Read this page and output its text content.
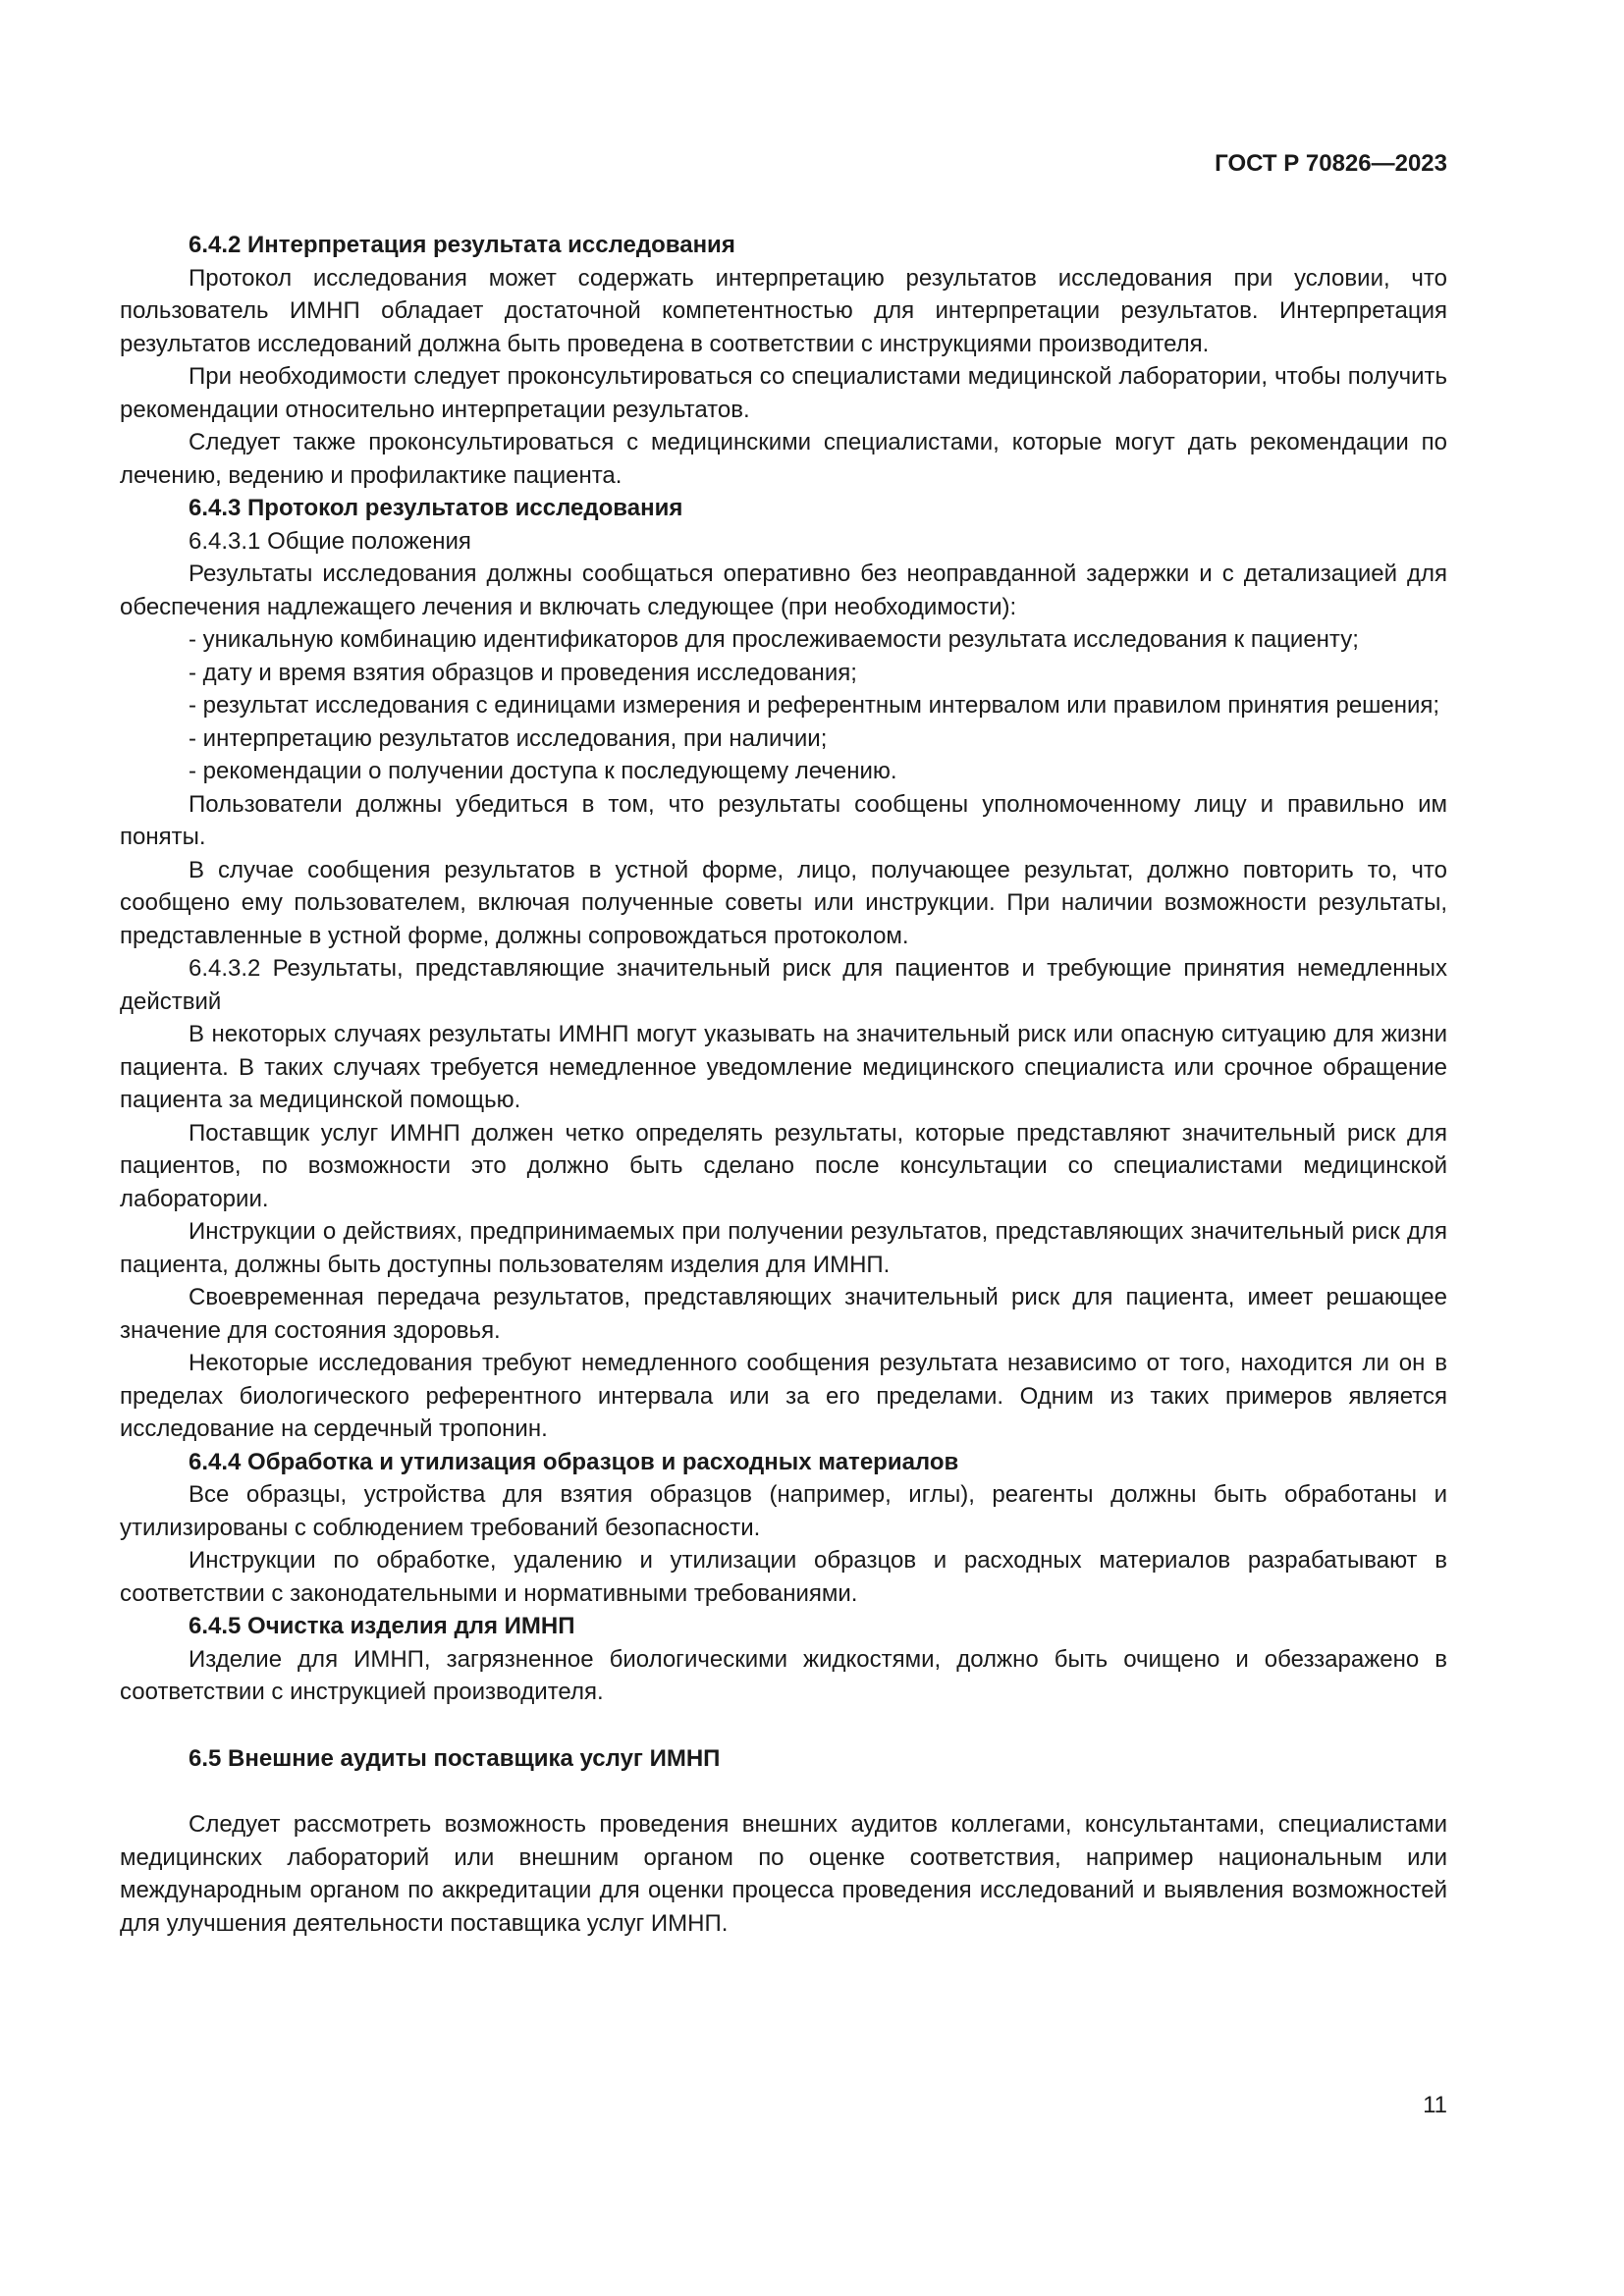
ГОСТ Р 70826—2023

6.4.2 Интерпретация результата исследования

Протокол исследования может содержать интерпретацию результатов исследования при условии, что пользователь ИМНП обладает достаточной компетентностью для интерпретации результатов. Интерпретация результатов исследований должна быть проведена в соответствии с инструкциями производителя.

При необходимости следует проконсультироваться со специалистами медицинской лаборатории, чтобы получить рекомендации относительно интерпретации результатов.

Следует также проконсультироваться с медицинскими специалистами, которые могут дать рекомендации по лечению, ведению и профилактике пациента.

6.4.3 Протокол результатов исследования

6.4.3.1 Общие положения

Результаты исследования должны сообщаться оперативно без неоправданной задержки и с детализацией для обеспечения надлежащего лечения и включать следующее (при необходимости):

- уникальную комбинацию идентификаторов для прослеживаемости результата исследования к пациенту;

- дату и время взятия образцов и проведения исследования;

- результат исследования с единицами измерения и референтным интервалом или правилом принятия решения;

- интерпретацию результатов исследования, при наличии;

- рекомендации о получении доступа к последующему лечению.

Пользователи должны убедиться в том, что результаты сообщены уполномоченному лицу и правильно им поняты.

В случае сообщения результатов в устной форме, лицо, получающее результат, должно повторить то, что сообщено ему пользователем, включая полученные советы или инструкции. При наличии возможности результаты, представленные в устной форме, должны сопровождаться протоколом.

6.4.3.2 Результаты, представляющие значительный риск для пациентов и требующие принятия немедленных действий

В некоторых случаях результаты ИМНП могут указывать на значительный риск или опасную ситуацию для жизни пациента. В таких случаях требуется немедленное уведомление медицинского специалиста или срочное обращение пациента за медицинской помощью.

Поставщик услуг ИМНП должен четко определять результаты, которые представляют значительный риск для пациентов, по возможности это должно быть сделано после консультации со специалистами медицинской лаборатории.

Инструкции о действиях, предпринимаемых при получении результатов, представляющих значительный риск для пациента, должны быть доступны пользователям изделия для ИМНП.

Своевременная передача результатов, представляющих значительный риск для пациента, имеет решающее значение для состояния здоровья.

Некоторые исследования требуют немедленного сообщения результата независимо от того, находится ли он в пределах биологического референтного интервала или за его пределами. Одним из таких примеров является исследование на сердечный тропонин.

6.4.4 Обработка и утилизация образцов и расходных материалов

Все образцы, устройства для взятия образцов (например, иглы), реагенты должны быть обработаны и утилизированы с соблюдением требований безопасности.

Инструкции по обработке, удалению и утилизации образцов и расходных материалов разрабатывают в соответствии с законодательными и нормативными требованиями.

6.4.5 Очистка изделия для ИМНП

Изделие для ИМНП, загрязненное биологическими жидкостями, должно быть очищено и обеззаражено в соответствии с инструкцией производителя.

6.5 Внешние аудиты поставщика услуг ИМНП

Следует рассмотреть возможность проведения внешних аудитов коллегами, консультантами, специалистами медицинских лабораторий или внешним органом по оценке соответствия, например национальным или международным органом по аккредитации для оценки процесса проведения исследований и выявления возможностей для улучшения деятельности поставщика услуг ИМНП.

11
